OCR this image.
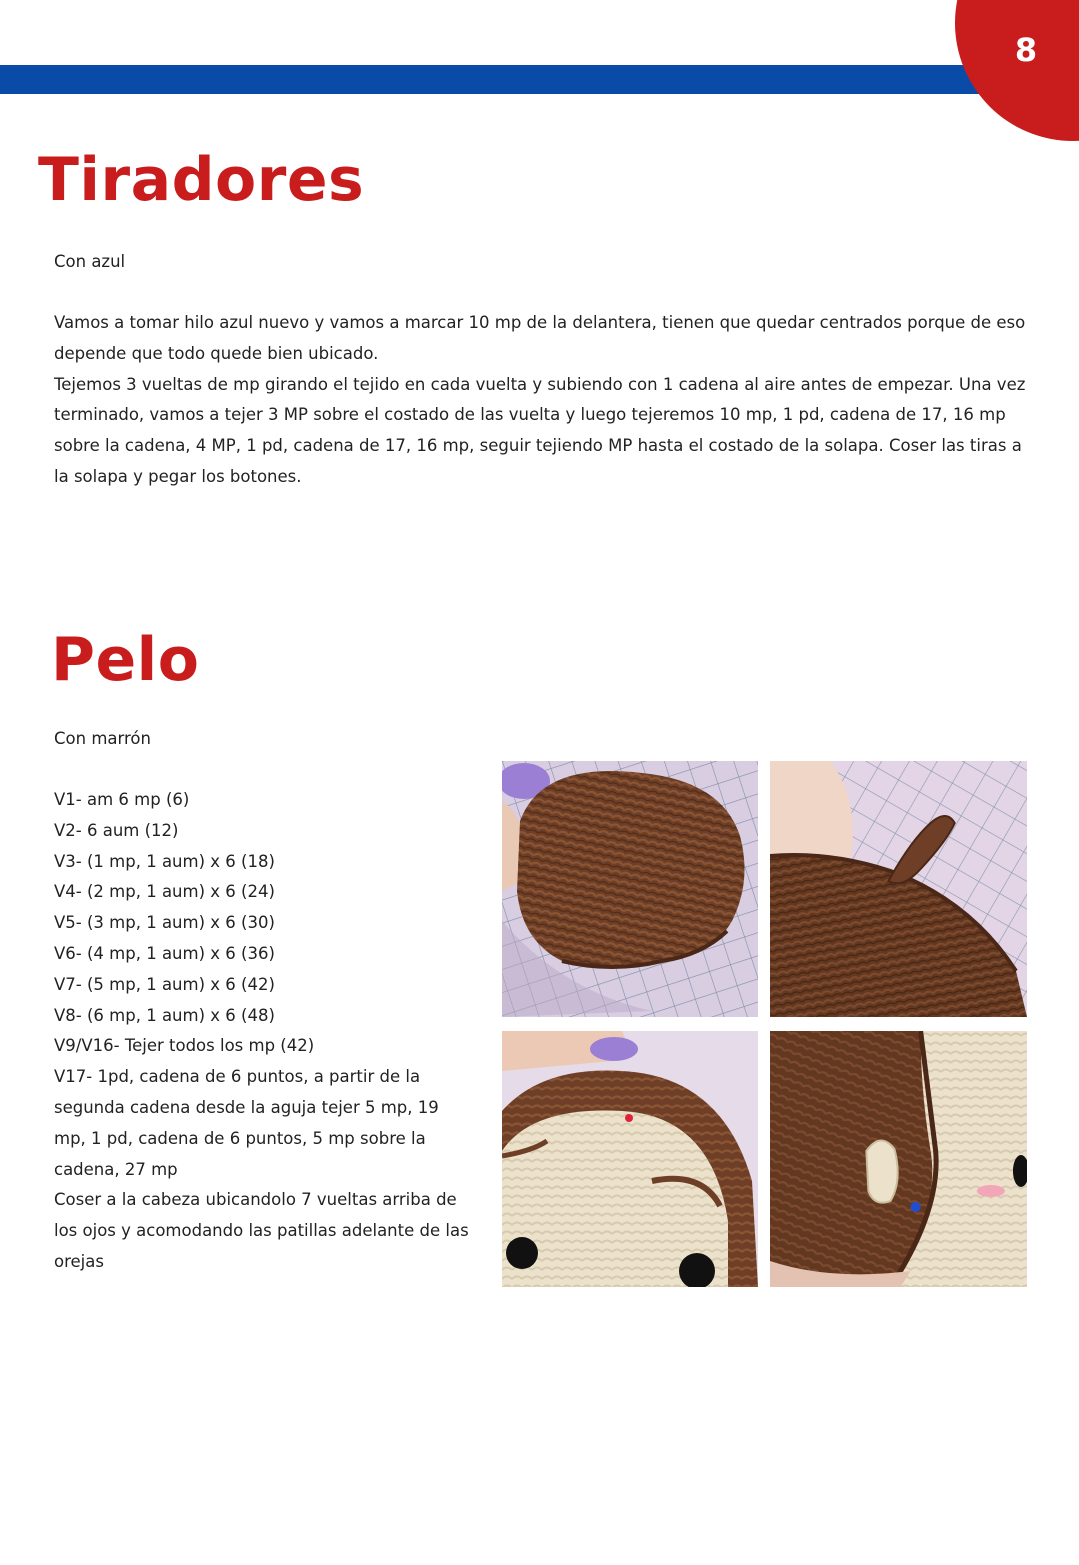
8
Tiradores

Con azul

Vamos a tomar hilo azul nuevo y vamos a marcar 10 mp de la delantera, tienen que quedar centrados porque de eso depende que todo quede bien ubicado.
Tejemos 3 vueltas de mp girando el tejido en cada vuelta y subiendo con 1 cadena al aire antes de empezar. Una vez terminado, vamos a tejer 3 MP sobre el costado de las vuelta y luego tejeremos 10 mp, 1 pd, cadena de 17, 16 mp sobre la cadena, 4 MP, 1 pd, cadena de 17, 16 mp, seguir tejiendo MP hasta el costado de la solapa. Coser las tiras a la solapa y pegar los botones.

Pelo

Con marrón

V1- am 6 mp (6)
V2- 6 aum (12)
V3- (1 mp, 1 aum) x 6 (18)
V4- (2 mp, 1 aum) x 6 (24)
V5- (3 mp, 1 aum) x 6 (30)
V6- (4 mp, 1 aum) x 6 (36)
V7- (5 mp, 1 aum) x 6 (42)
V8- (6 mp, 1 aum) x 6 (48)
V9/V16- Tejer todos los mp (42)
V17- 1pd, cadena de 6 puntos, a partir de la segunda cadena desde la aguja tejer 5 mp, 19 mp, 1 pd, cadena de 6 puntos, 5 mp sobre la cadena, 27 mp
Coser a la cabeza ubicandolo 7 vueltas arriba de los ojos y acomodando las patillas adelante de las orejas
